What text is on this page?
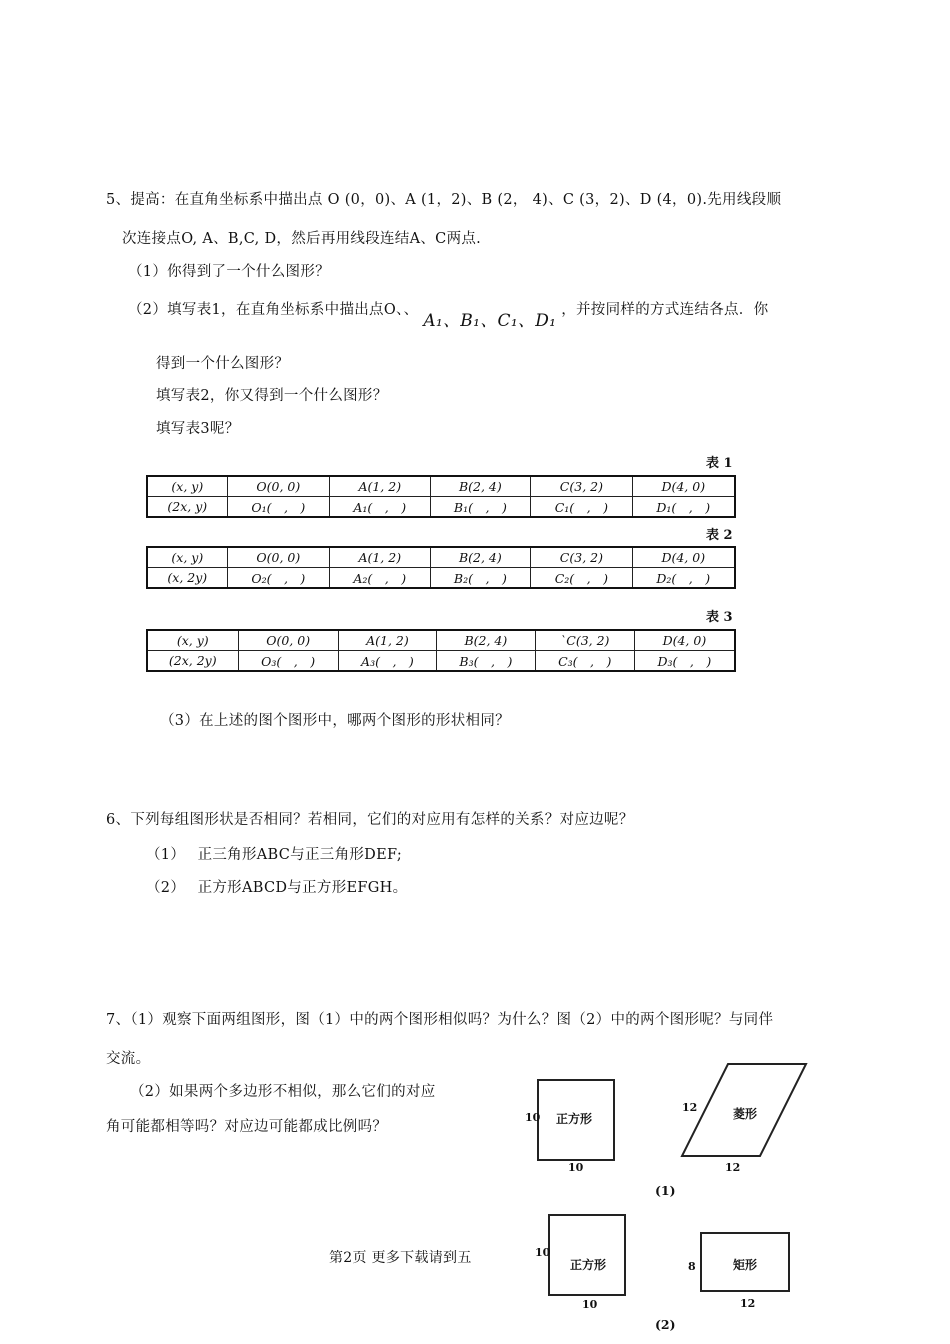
5、提高：在直角坐标系中描出点 O (0，0)、A (1，2)、B (2， 4)、C (3，2)、D (4，0).先用线段顺
次连接点O, A、B,C, D，然后再用线段连结A、C两点.
（1）你得到了一个什么图形？
（2）填写表1，在直角坐标系中描出点O、、 A₁、B₁、C₁、D₁ ，并按同样的方式连结各点．你
得到一个什么图形？
填写表2，你又得到一个什么图形？
填写表3呢？
表 1
(x, y)	O(0, 0)	A(1, 2)	B(2, 4)	C(3, 2)	D(4, 0)
(2x, y)	O₁(　,　)	A₁(　,　)	B₁(　,　)	C₁(　,　)	D₁(　,　)
表 2
(x, y)	O(0, 0)	A(1, 2)	B(2, 4)	C(3, 2)	D(4, 0)
(x, 2y)	O₂(　,　)	A₂(　,　)	B₂(　,　)	C₂(　,　)	D₂(　,　)
表 3
(x, y)	O(0, 0)	A(1, 2)	B(2, 4)	`C(3, 2)	D(4, 0)
(2x, 2y)	O₃(　,　)	A₃(　,　)	B₃(　,　)	C₃(　,　)	D₃(　,　)
（3）在上述的图个图形中，哪两个图形的形状相同？
6、下列每组图形状是否相同？若相同，它们的对应用有怎样的关系？对应边呢？
（1）　 正三角形ABC与正三角形DEF;
（2）　 正方形ABCD与正方形EFGH。
7、（1）观察下面两组图形，图（1）中的两个图形相似吗？为什么？图（2）中的两个图形呢？与同伴
交流。
（2）如果两个多边形不相似，那么它们的对应
角可能都相等吗？对应边可能都成比例吗？	正方形
10
10
菱形
12
12
(1)
正方形
10
10
矩形
8
12
(2)
第2页 更多下载请到五
